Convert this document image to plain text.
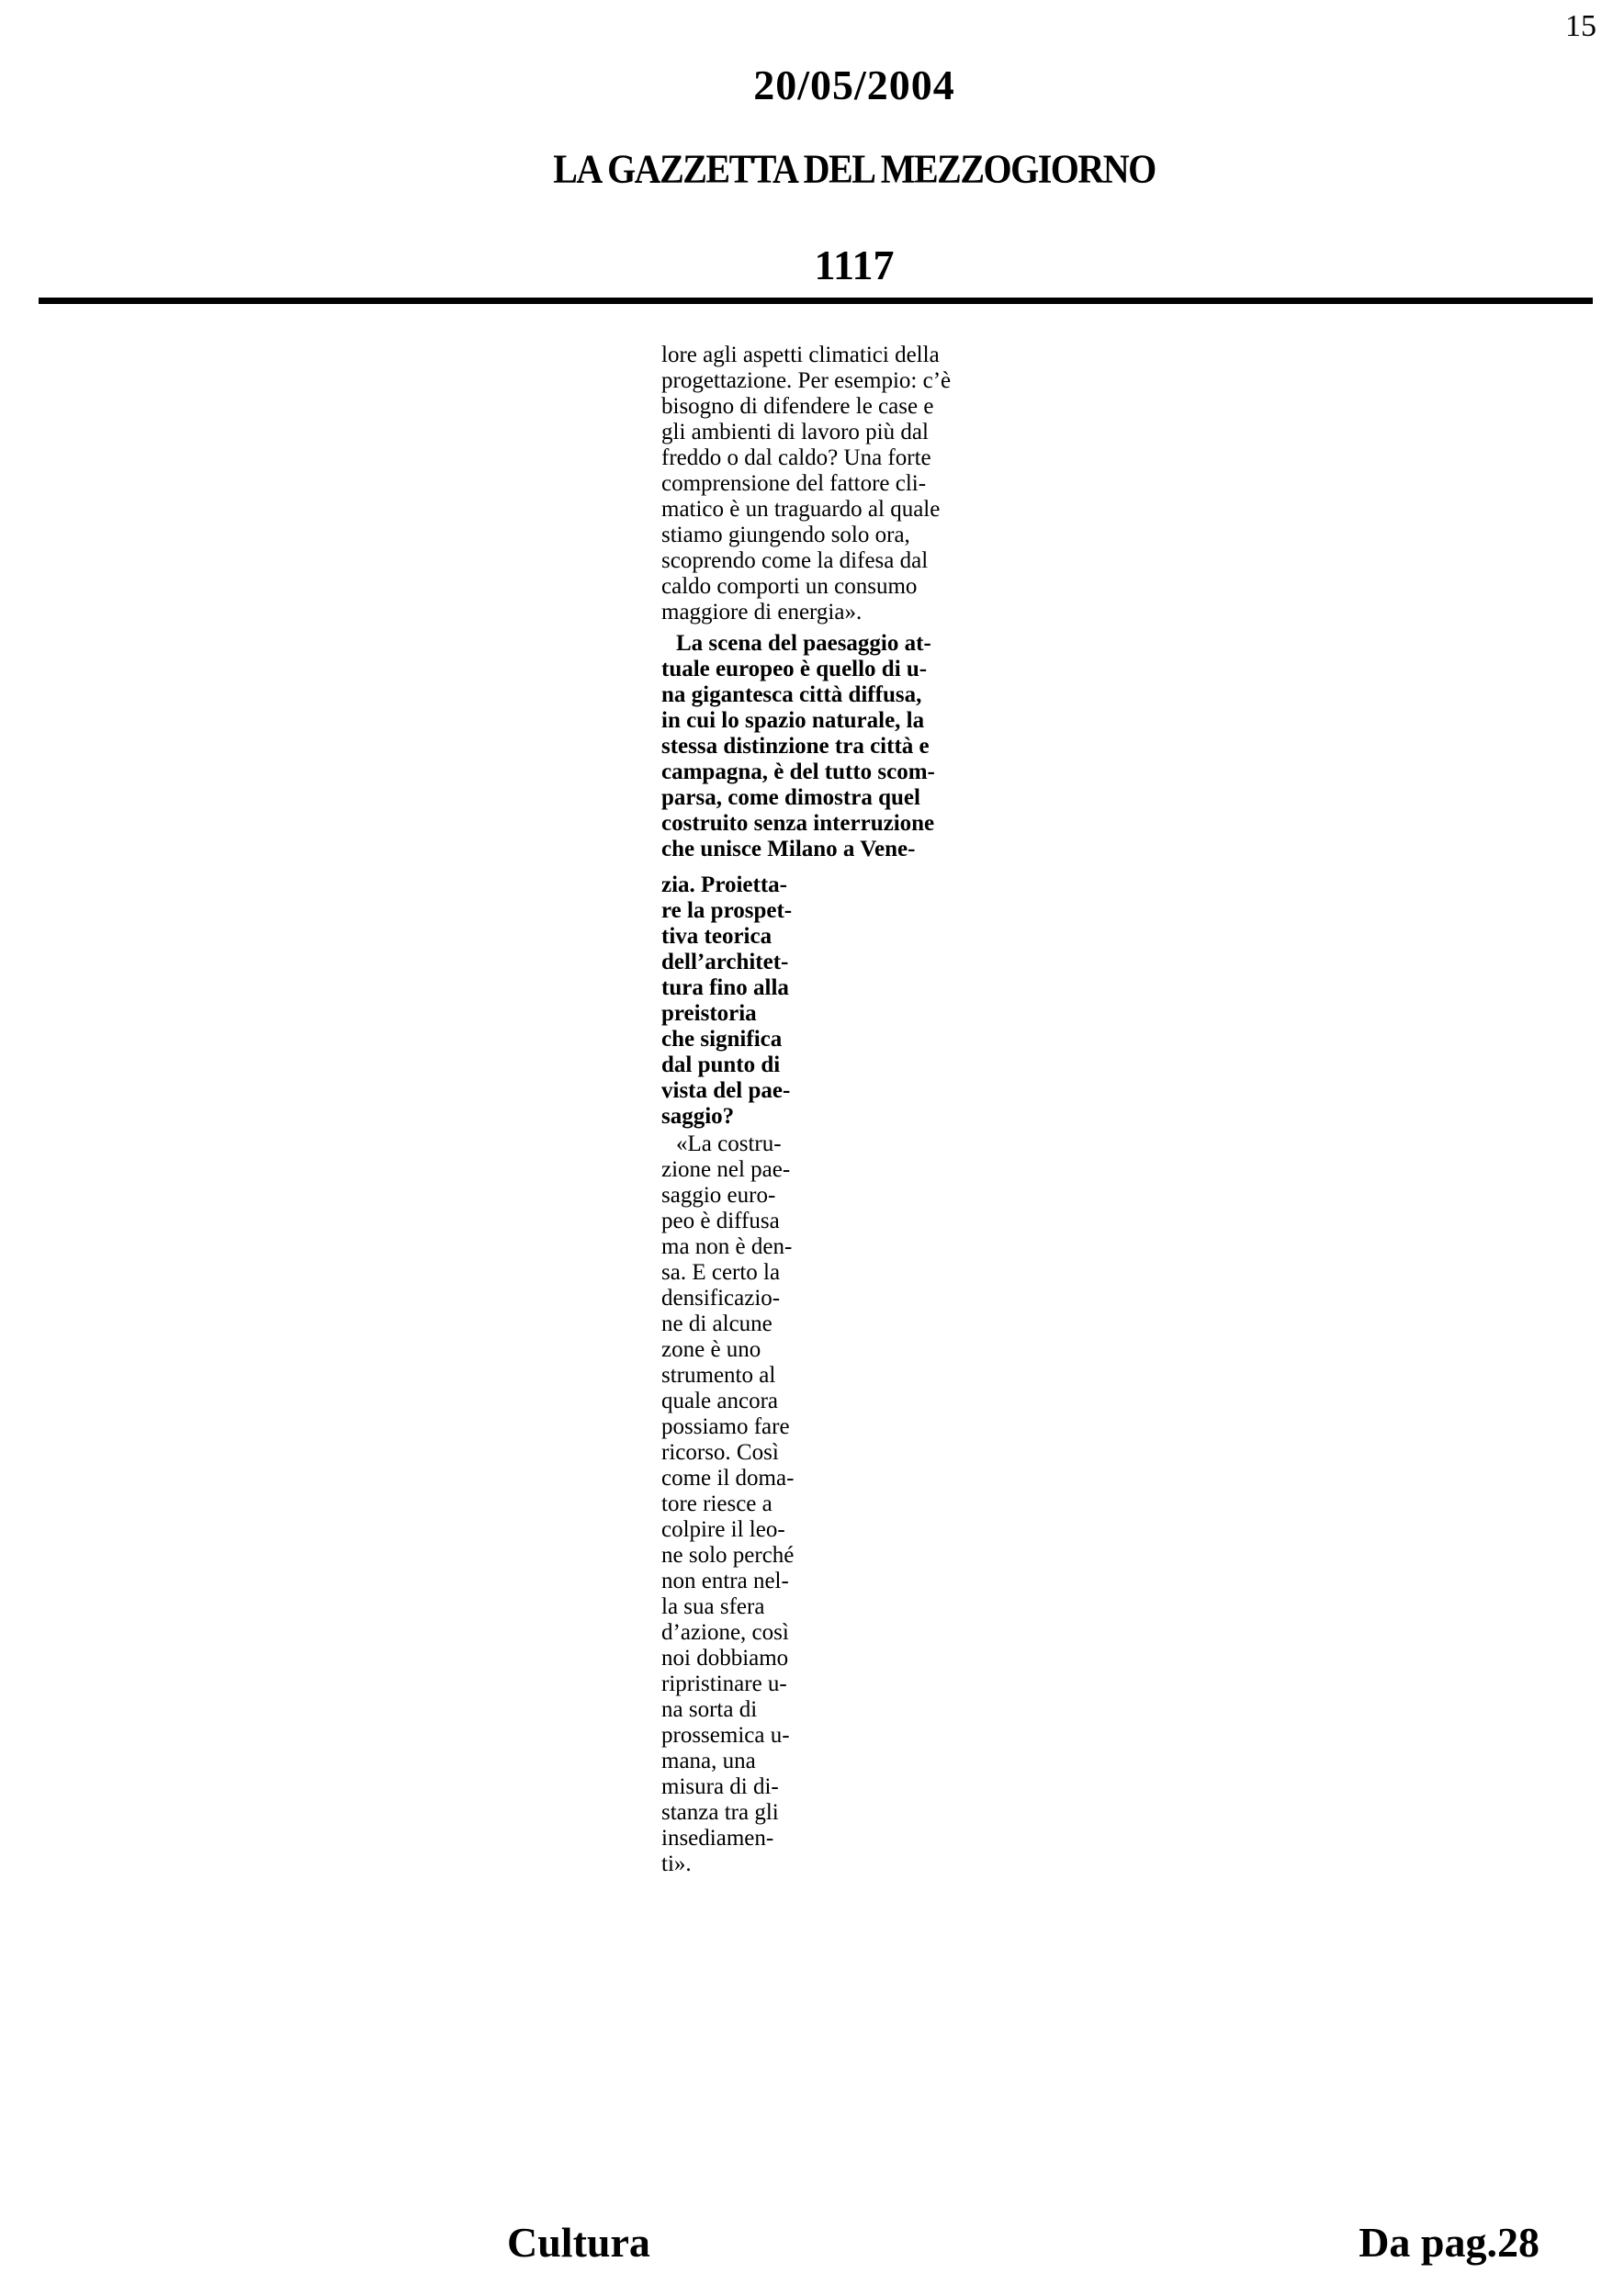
15
20/05/2004
LA GAZZETTA DEL MEZZOGIORNO
1117
lore agli aspetti climatici della
progettazione. Per esempio: c’è
bisogno di difendere le case e
gli ambienti di lavoro più dal
freddo o dal caldo? Una forte
comprensione del fattore cli-
matico è un traguardo al quale
stiamo giungendo solo ora,
scoprendo come la difesa dal
caldo comporti un consumo
maggiore di energia».
La scena del paesaggio at-
tuale europeo è quello di u-
na gigantesca città diffusa,
in cui lo spazio naturale, la
stessa distinzione tra città e
campagna, è del tutto scom-
parsa, come dimostra quel
costruito senza interruzione
che unisce Milano a Vene-
zia. Proietta-
re la prospet-
tiva teorica
dell’architet-
tura fino alla
preistoria
che significa
dal punto di
vista del pae-
saggio?
«La costru-
zione nel pae-
saggio euro-
peo è diffusa
ma non è den-
sa. E certo la
densificazio-
ne di alcune
zone è uno
strumento al
quale ancora
possiamo fare
ricorso. Così
come il doma-
tore riesce a
colpire il leo-
ne solo perché
non entra nel-
la sua sfera
d’azione, così
noi dobbiamo
ripristinare u-
na sorta di
prossemica u-
mana, una
misura di di-
stanza tra gli
insediamen-
ti».
Cultura	Da pag.28
